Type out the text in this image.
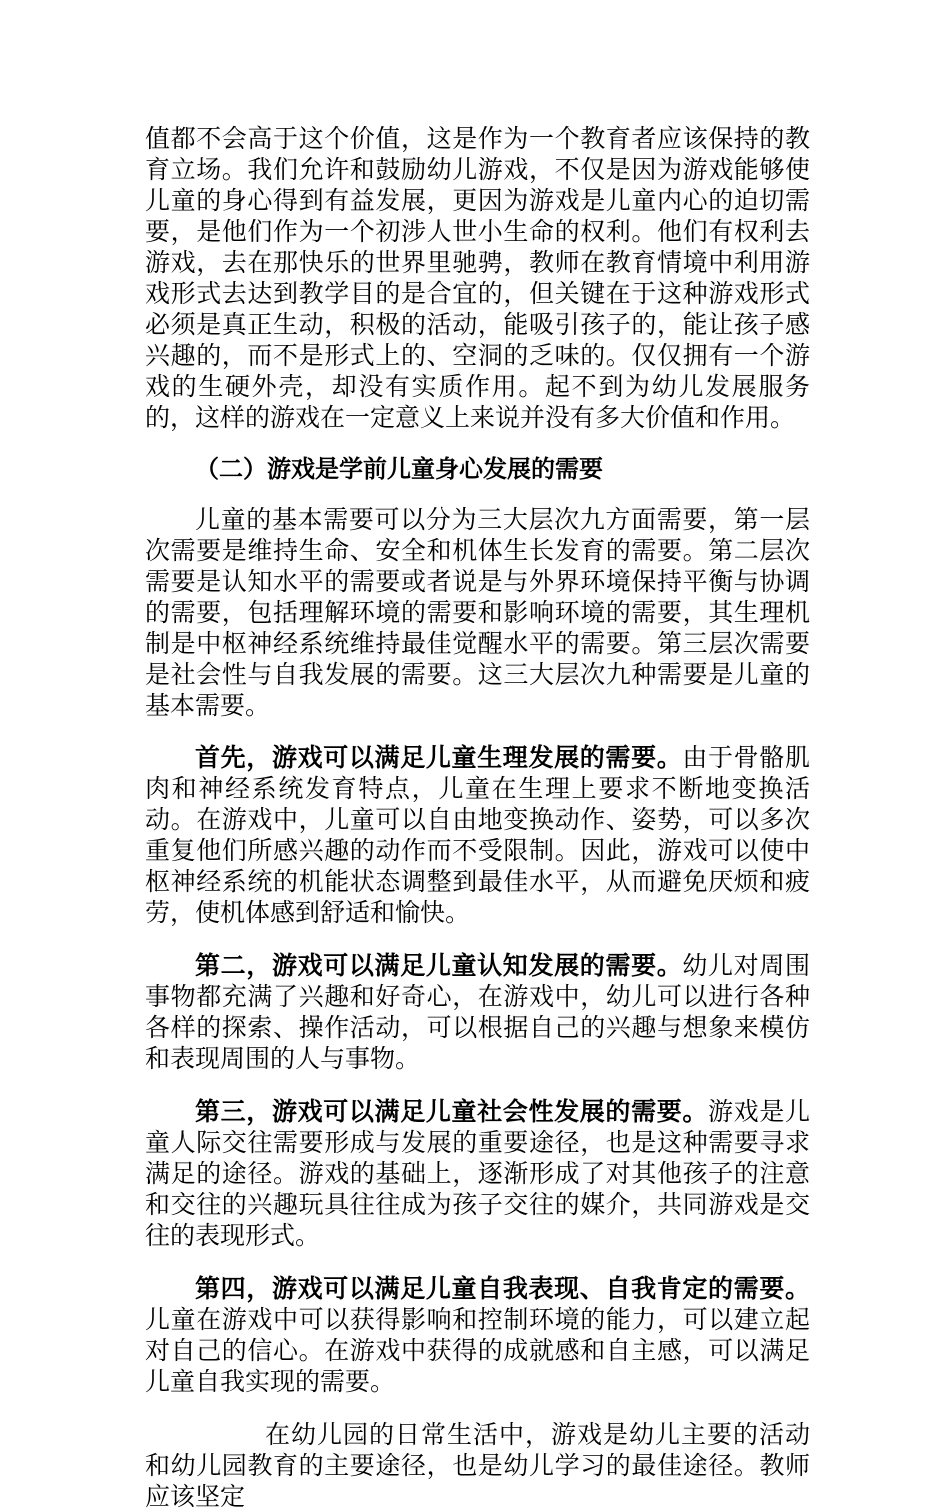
值都不会高于这个价值，这是作为一个教育者应该保持的教育立场。我们允许和鼓励幼儿游戏，不仅是因为游戏能够使儿童的身心得到有益发展，更因为游戏是儿童内心的迫切需要，是他们作为一个初涉人世小生命的权利。他们有权利去游戏，去在那快乐的世界里驰骋，教师在教育情境中利用游戏形式去达到教学目的是合宜的，但关键在于这种游戏形式必须是真正生动，积极的活动，能吸引孩子的，能让孩子感兴趣的，而不是形式上的、空洞的乏味的。仅仅拥有一个游戏的生硬外壳，却没有实质作用。起不到为幼儿发展服务的，这样的游戏在一定意义上来说并没有多大价值和作用。

（二）游戏是学前儿童身心发展的需要

儿童的基本需要可以分为三大层次九方面需要，第一层次需要是维持生命、安全和机体生长发育的需要。第二层次需要是认知水平的需要或者说是与外界环境保持平衡与协调的需要，包括理解环境的需要和影响环境的需要，其生理机制是中枢神经系统维持最佳觉醒水平的需要。第三层次需要是社会性与自我发展的需要。这三大层次九种需要是儿童的基本需要。

首先，游戏可以满足儿童生理发展的需要。由于骨骼肌肉和神经系统发育特点，儿童在生理上要求不断地变换活动。在游戏中，儿童可以自由地变换动作、姿势，可以多次重复他们所感兴趣的动作而不受限制。因此，游戏可以使中枢神经系统的机能状态调整到最佳水平，从而避免厌烦和疲劳，使机体感到舒适和愉快。

第二，游戏可以满足儿童认知发展的需要。幼儿对周围事物都充满了兴趣和好奇心，在游戏中，幼儿可以进行各种各样的探索、操作活动，可以根据自己的兴趣与想象来模仿和表现周围的人与事物。

第三，游戏可以满足儿童社会性发展的需要。游戏是儿童人际交往需要形成与发展的重要途径，也是这种需要寻求满足的途径。游戏的基础上，逐渐形成了对其他孩子的注意和交往的兴趣玩具往往成为孩子交往的媒介，共同游戏是交往的表现形式。

第四，游戏可以满足儿童自我表现、自我肯定的需要。儿童在游戏中可以获得影响和控制环境的能力，可以建立起对自己的信心。在游戏中获得的成就感和自主感，可以满足儿童自我实现的需要。

在幼儿园的日常生活中，游戏是幼儿主要的活动和幼儿园教育的主要途径，也是幼儿学习的最佳途径。教师应该坚定
